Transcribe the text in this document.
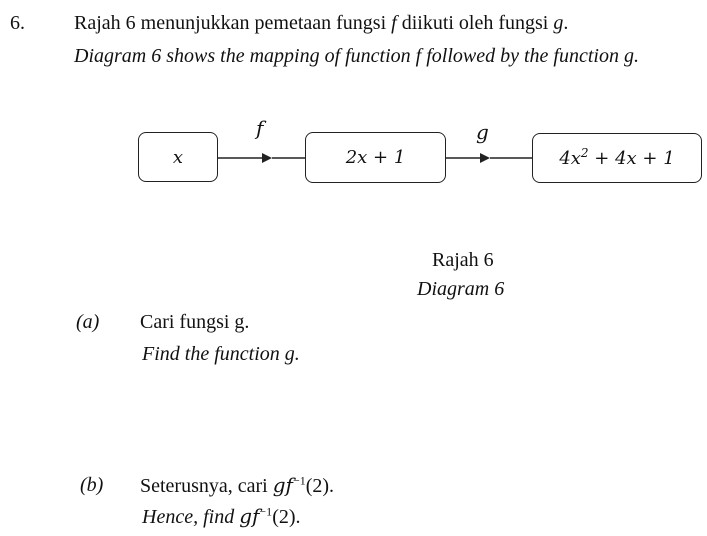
6. Rajah 6 menunjukkan pemetaan fungsi f diikuti oleh fungsi g.
Diagram 6 shows the mapping of function f followed by the function g.
f	g
x	2x + 1	$4x^2 + 4x + 1$
Rajah 6
Diagram 6
(a) Cari fungsi g.
Find the function g.
(b) Seterusnya, cari $gf^{-1}(2)$.
Hence, find $gf^{-1}(2)$.
